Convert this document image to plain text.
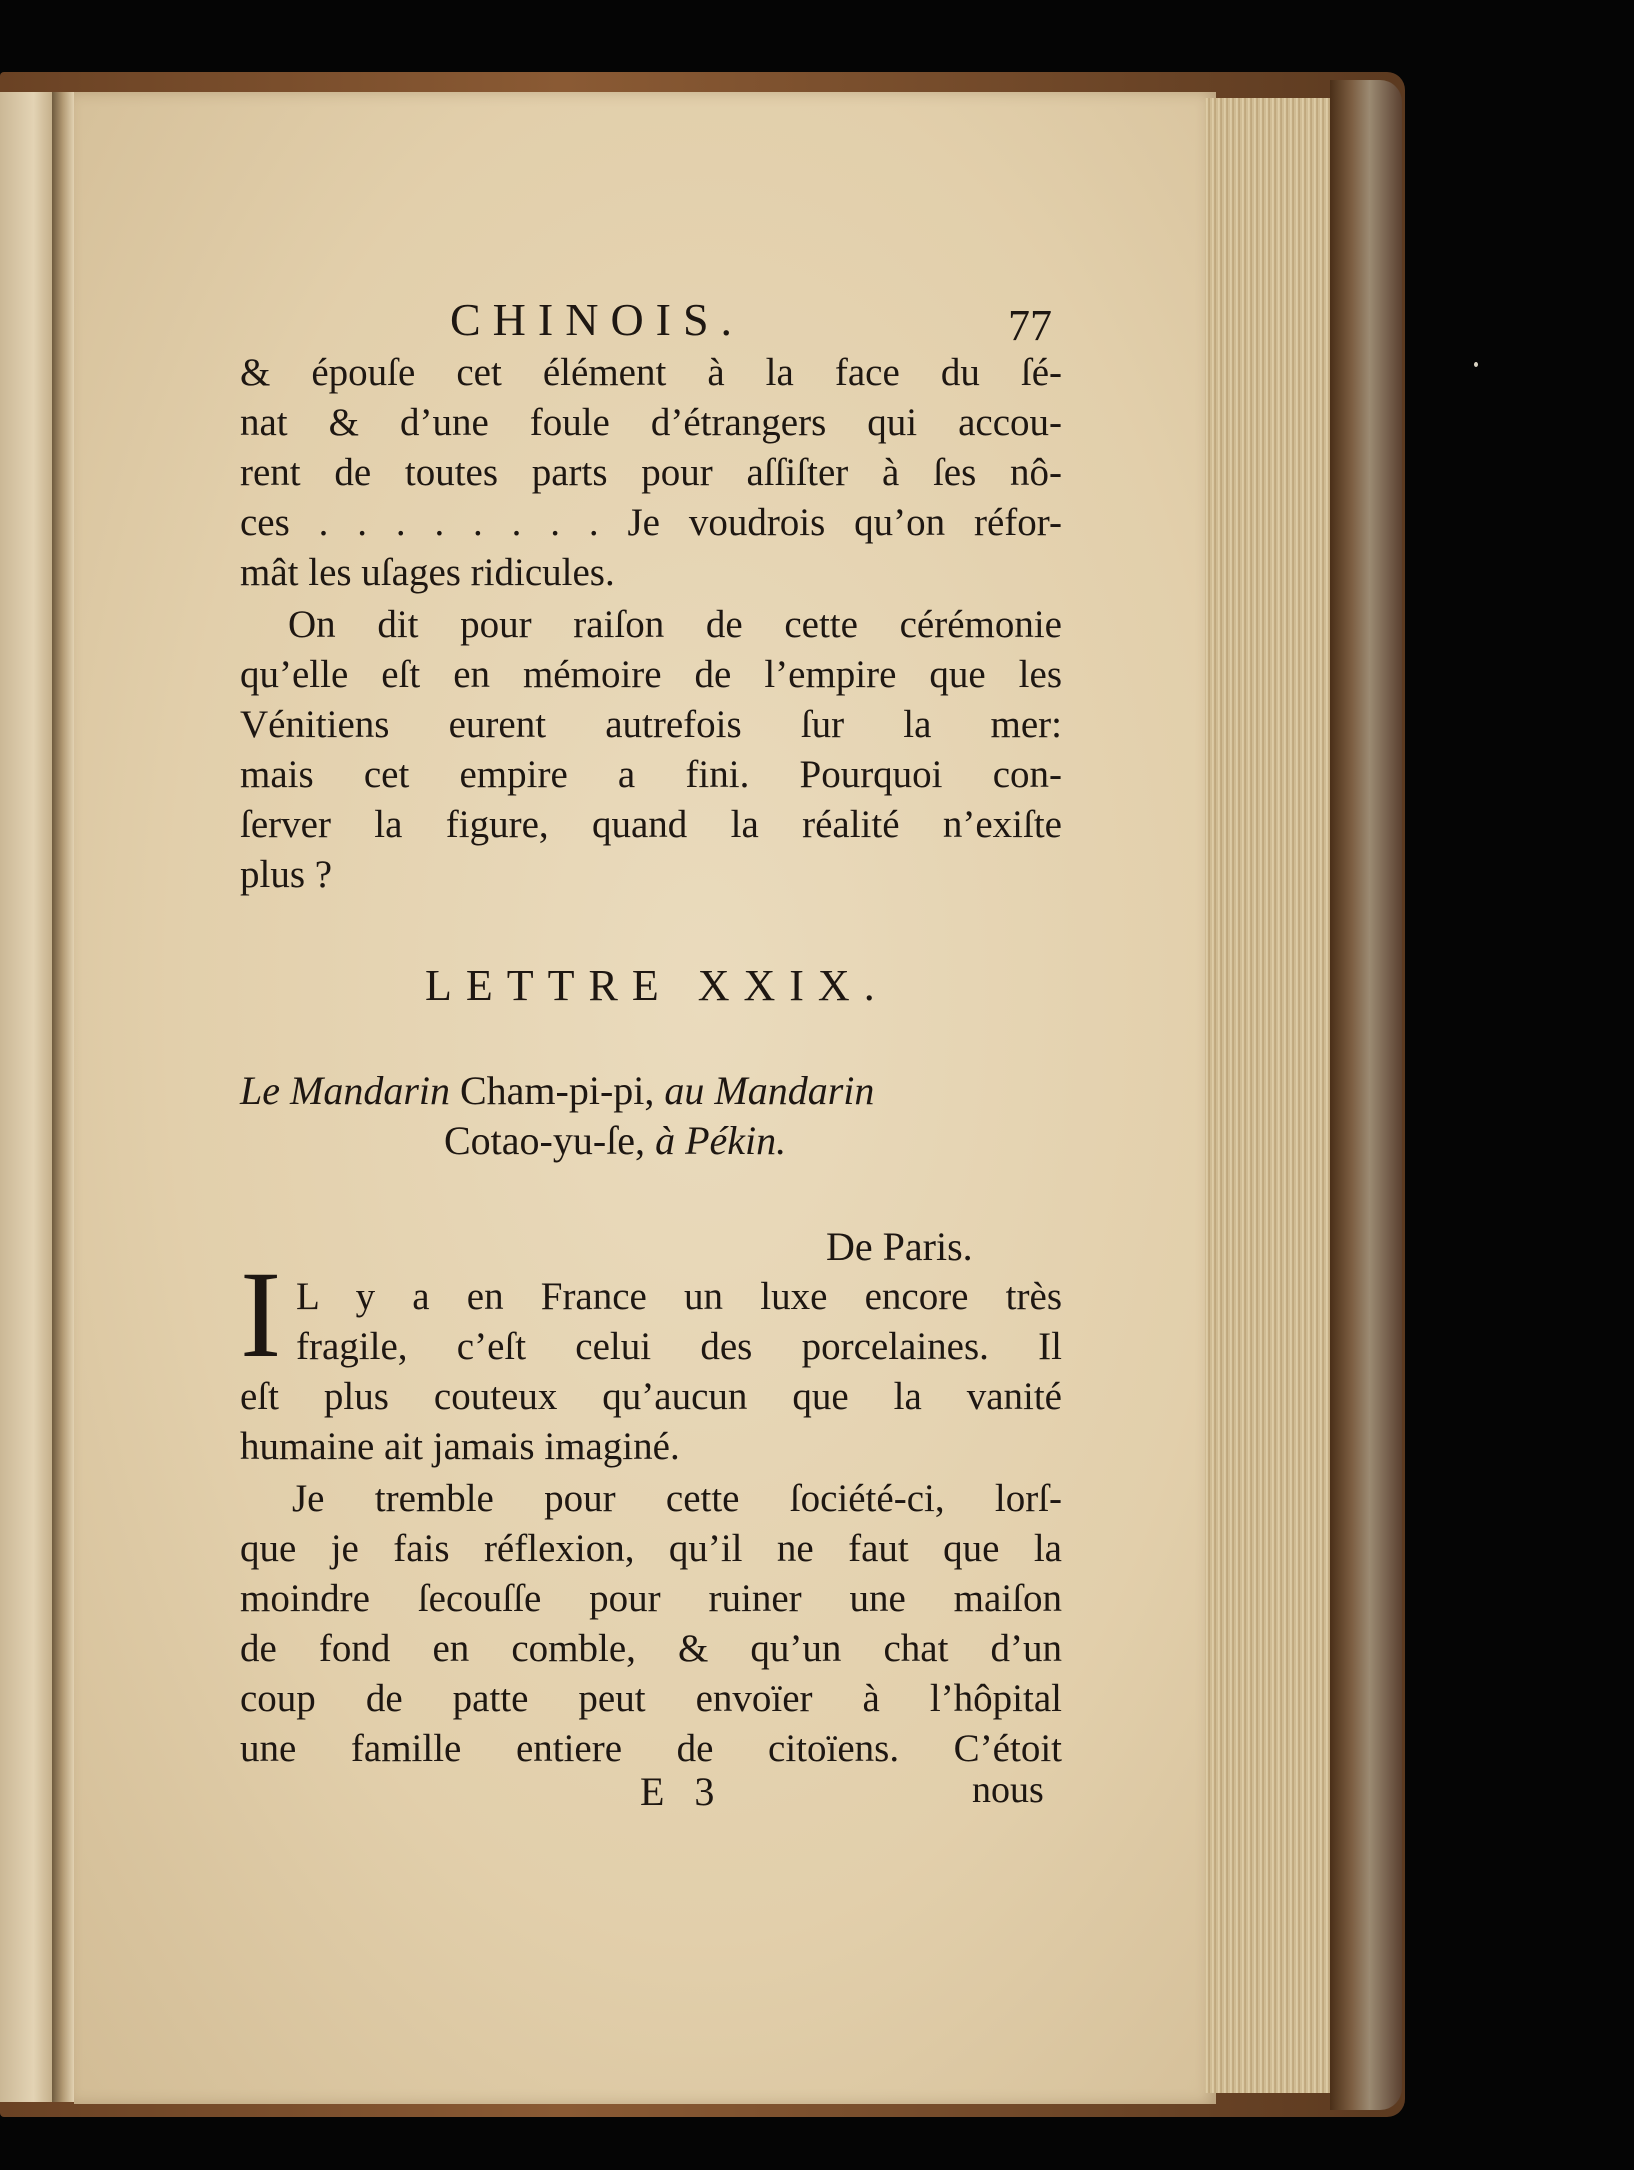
CHINOIS.	77
& épouſe cet élément à la face du ſé-
nat & d’une foule d’étrangers qui accou-
rent de toutes parts pour aſſiſter à ſes nô-
ces . . . . . . . . Je voudrois qu’on réfor-
mât les uſages ridicules.
On dit pour raiſon de cette cérémonie
qu’elle eſt en mémoire de l’empire que les
Vénitiens eurent autrefois ſur la mer:
mais cet empire a fini. Pourquoi con-
ſerver la figure, quand la réalité n’exiſte
plus ?
LETTRE XXIX.
Le Mandarin Cham-pi-pi, au Mandarin
Cotao-yu-ſe, à Pékin.
De Paris.
I L y a en France un luxe encore très
fragile, c’eſt celui des porcelaines. Il
eſt plus couteux qu’aucun que la vanité
humaine ait jamais imaginé.
Je tremble pour cette ſociété-ci, lorſ-
que je fais réflexion, qu’il ne faut que la
moindre ſecouſſe pour ruiner une maiſon
de fond en comble, & qu’un chat d’un
coup de patte peut envoïer à l’hôpital
une famille entiere de citoïens. C’étoit
E 3	nous
